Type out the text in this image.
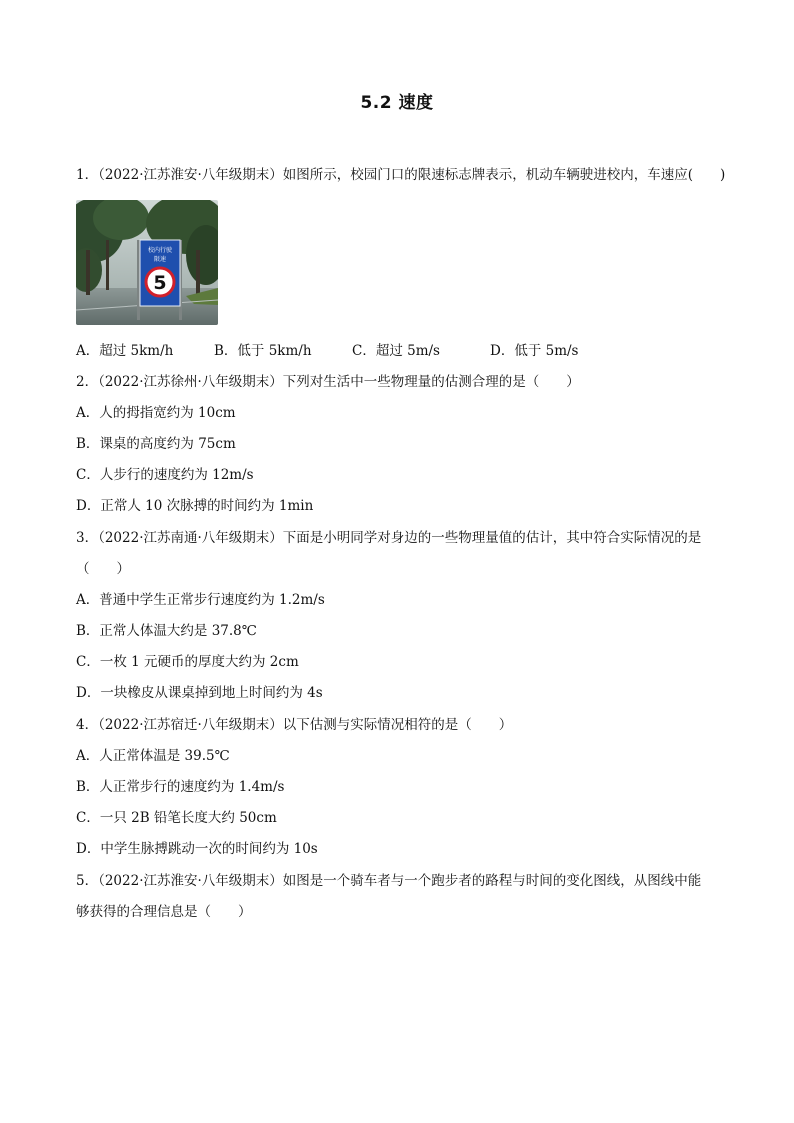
5.2 速度
1．（2022·江苏淮安·八年级期末）如图所示，校园门口的限速标志牌表示，机动车辆驶进校内，车速应(　　)
校内行驶
限速
5
A．超过 5km/h	B．低于 5km/h	C．超过 5m/s	D．低于 5m/s
2．（2022·江苏徐州·八年级期末）下列对生活中一些物理量的估测合理的是（　　）
A．人的拇指宽约为 10cm
B．课桌的高度约为 75cm
C．人步行的速度约为 12m/s
D．正常人 10 次脉搏的时间约为 1min
3．（2022·江苏南通·八年级期末）下面是小明同学对身边的一些物理量值的估计，其中符合实际情况的是
（　　）
A．普通中学生正常步行速度约为 1.2m/s
B．正常人体温大约是 37.8℃
C．一枚 1 元硬币的厚度大约为 2cm
D．一块橡皮从课桌掉到地上时间约为 4s
4．（2022·江苏宿迁·八年级期末）以下估测与实际情况相符的是（　　）
A．人正常体温是 39.5℃
B．人正常步行的速度约为 1.4m/s
C．一只 2B 铅笔长度大约 50cm
D．中学生脉搏跳动一次的时间约为 10s
5．（2022·江苏淮安·八年级期末）如图是一个骑车者与一个跑步者的路程与时间的变化图线，从图线中能
够获得的合理信息是（　　）
